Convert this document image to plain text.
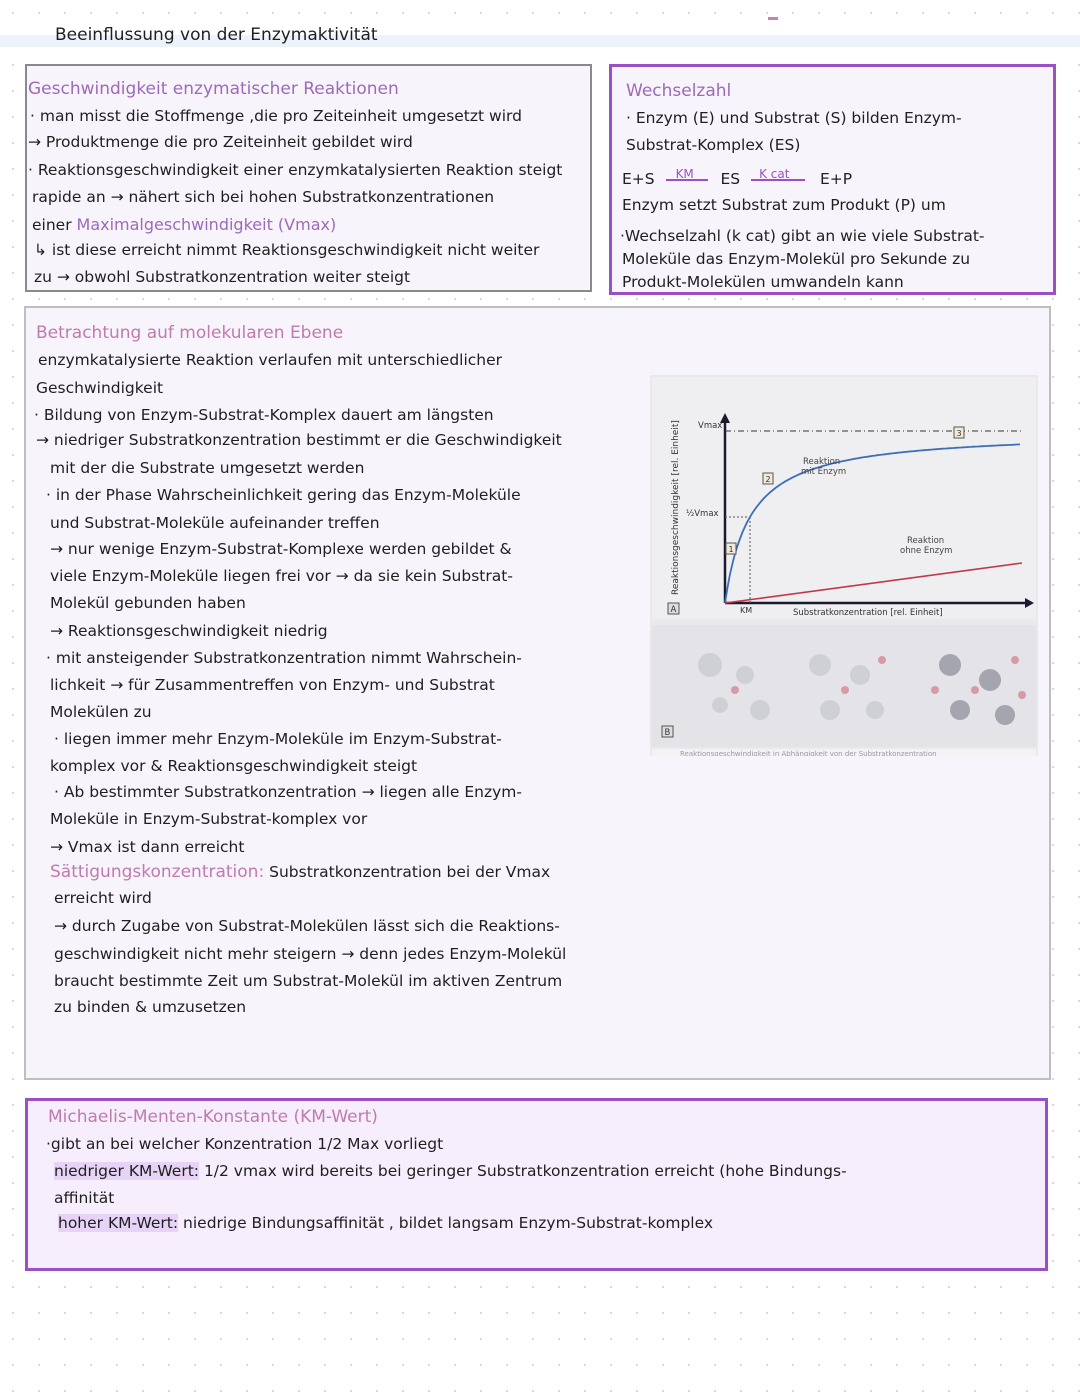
Beeinflussung von der Enzymaktivität
Geschwindigkeit enzymatischer Reaktionen
· man misst die Stoffmenge ,die pro Zeiteinheit umgesetzt wird
→ Produktmenge die pro Zeiteinheit gebildet wird
· Reaktionsgeschwindigkeit einer enzymkatalysierten Reaktion steigt
rapide an → nähert sich bei hohen Substratkonzentrationen
einer Maximalgeschwindigkeit (Vmax)
↳ ist diese erreicht nimmt Reaktionsgeschwindigkeit nicht weiter
zu → obwohl Substratkonzentration weiter steigt
Wechselzahl
· Enzym (E) und Substrat (S) bilden Enzym-
Substrat-Komplex (ES)
E+S KM ES K cat E+P
Enzym setzt Substrat zum Produkt (P) um
·Wechselzahl (k cat) gibt an wie viele Substrat-
Moleküle das Enzym-Molekül pro Sekunde zu
Produkt-Molekülen umwandeln kann
Betrachtung auf molekularen Ebene
enzymkatalysierte Reaktion verlaufen mit unterschiedlicher
Geschwindigkeit
· Bildung von Enzym-Substrat-Komplex dauert am längsten
→ niedriger Substratkonzentration bestimmt er die Geschwindigkeit
mit der die Substrate umgesetzt werden
· in der Phase Wahrscheinlichkeit gering das Enzym-Moleküle
und Substrat-Moleküle aufeinander treffen
→ nur wenige Enzym-Substrat-Komplexe werden gebildet &
viele Enzym-Moleküle liegen frei vor → da sie kein Substrat-
Molekül gebunden haben
→ Reaktionsgeschwindigkeit niedrig
· mit ansteigender Substratkonzentration nimmt Wahrschein-
lichkeit → für Zusammentreffen von Enzym- und Substrat
Molekülen zu
· liegen immer mehr Enzym-Moleküle im Enzym-Substrat-
komplex vor & Reaktionsgeschwindigkeit steigt
· Ab bestimmter Substratkonzentration → liegen alle Enzym-
Moleküle in Enzym-Substrat-komplex vor
→ Vmax ist dann erreicht
Sättigungskonzentration: Substratkonzentration bei der Vmax
erreicht wird
→ durch Zugabe von Substrat-Molekülen lässt sich die Reaktions-
geschwindigkeit nicht mehr steigern → denn jedes Enzym-Molekül
braucht bestimmte Zeit um Substrat-Molekül im aktiven Zentrum
zu binden & umzusetzen
Reaktionsgeschwindigkeit [rel. Einheit]
Substratkonzentration [rel. Einheit]
Vmax
½Vmax
KM
Reaktion
mit Enzym
Reaktion
ohne Enzym
A
B
1
2
3
Reaktionsgeschwindigkeit in Abhängigkeit von der Substratkonzentration
Michaelis-Menten-Konstante (KM-Wert)
·gibt an bei welcher Konzentration 1/2 Max vorliegt
niedriger KM-Wert: 1/2 vmax wird bereits bei geringer Substratkonzentration erreicht (hohe Bindungs-
affinität
hoher KM-Wert: niedrige Bindungsaffinität , bildet langsam Enzym-Substrat-komplex
